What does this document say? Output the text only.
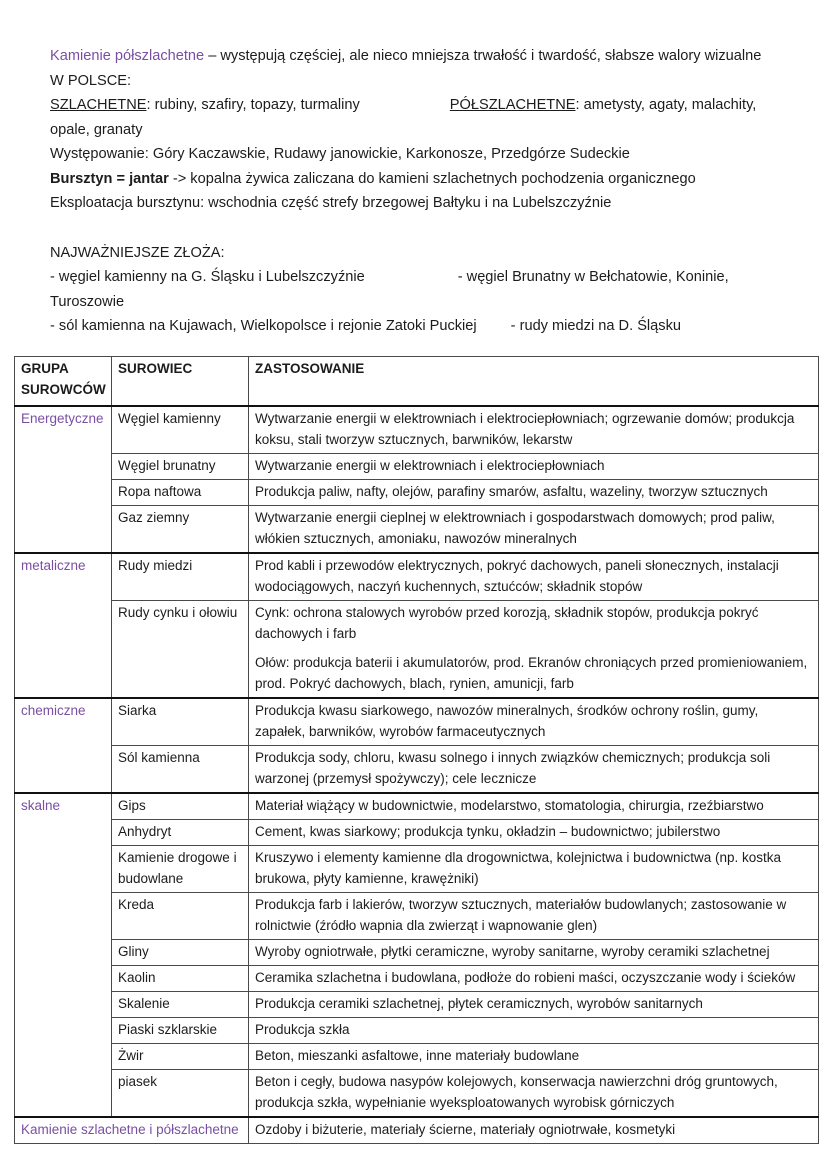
Kamienie półszlachetne – występują częściej, ale nieco mniejsza trwałość i twardość, słabsze walory wizualne

W POLSCE:

SZLACHETNE: rubiny, szafiry, topazy, turmaliny	PÓŁSZLACHETNE: ametysty, agaty, malachity, opale, granaty

Występowanie: Góry Kaczawskie, Rudawy janowickie, Karkonosze, Przedgórze Sudeckie

Bursztyn = jantar -> kopalna żywica zaliczana do kamieni szlachetnych pochodzenia organicznego

Eksploatacja bursztynu: wschodnia część strefy brzegowej Bałtyku i na Lubelszczyźnie

NAJWAŻNIEJSZE ZŁOŻA:

- węgiel kamienny na G. Śląsku i Lubelszczyźnie	- węgiel Brunatny w Bełchatowie, Koninie, Turoszowie

- sól kamienna na Kujawach, Wielkopolsce i rejonie Zatoki Puckiej - rudy miedzi na D. Śląsku

GRUPA SUROWCÓW	SUROWIEC	ZASTOSOWANIE
Energetyczne	Węgiel kamienny	Wytwarzanie energii w elektrowniach i elektrociepłowniach; ogrzewanie domów; produkcja koksu, stali tworzyw sztucznych, barwników, lekarstw
	Węgiel brunatny	Wytwarzanie energii w elektrowniach i elektrociepłowniach
	Ropa naftowa	Produkcja paliw, nafty, olejów, parafiny smarów, asfaltu, wazeliny, tworzyw sztucznych
	Gaz ziemny	Wytwarzanie energii cieplnej w elektrowniach i gospodarstwach domowych; prod paliw, włókien sztucznych, amoniaku, nawozów mineralnych
metaliczne	Rudy miedzi	Prod kabli i przewodów elektrycznych, pokryć dachowych, paneli słonecznych, instalacji wodociągowych, naczyń kuchennych, sztućców; składnik stopów
	Rudy cynku i ołowiu	Cynk: ochrona stalowych wyrobów przed korozją, składnik stopów, produkcja pokryć dachowych i farb

Ołów: produkcja baterii i akumulatorów, prod. Ekranów chroniących przed promieniowaniem, prod. Pokryć dachowych, blach, rynien, amunicji, farb

chemiczne	Siarka	Produkcja kwasu siarkowego, nawozów mineralnych, środków ochrony roślin, gumy, zapałek, barwników, wyrobów farmaceutycznych
	Sól kamienna	Produkcja sody, chloru, kwasu solnego i innych związków chemicznych; produkcja soli warzonej (przemysł spożywczy); cele lecznicze
skalne	Gips	Materiał wiążący w budownictwie, modelarstwo, stomatologia, chirurgia, rzeźbiarstwo
	Anhydryt	Cement, kwas siarkowy; produkcja tynku, okładzin – budownictwo; jubilerstwo
	Kamienie drogowe i budowlane	Kruszywo i elementy kamienne dla drogownictwa, kolejnictwa i budownictwa (np. kostka brukowa, płyty kamienne, krawężniki)
	Kreda	Produkcja farb i lakierów, tworzyw sztucznych, materiałów budowlanych; zastosowanie w rolnictwie (źródło wapnia dla zwierząt i wapnowanie glen)
	Gliny	Wyroby ogniotrwałe, płytki ceramiczne, wyroby sanitarne, wyroby ceramiki szlachetnej
	Kaolin	Ceramika szlachetna i budowlana, podłoże do robieni maści, oczyszczanie wody i ścieków
	Skalenie	Produkcja ceramiki szlachetnej, płytek ceramicznych, wyrobów sanitarnych
	Piaski szklarskie	Produkcja szkła
	Żwir	Beton, mieszanki asfaltowe, inne materiały budowlane
	piasek	Beton i cegły, budowa nasypów kolejowych, konserwacja nawierzchni dróg gruntowych, produkcja szkła, wypełnianie wyeksploatowanych wyrobisk górniczych
Kamienie szlachetne i półszlachetne		Ozdoby i biżuterie, materiały ścierne, materiały ogniotrwałe, kosmetyki
